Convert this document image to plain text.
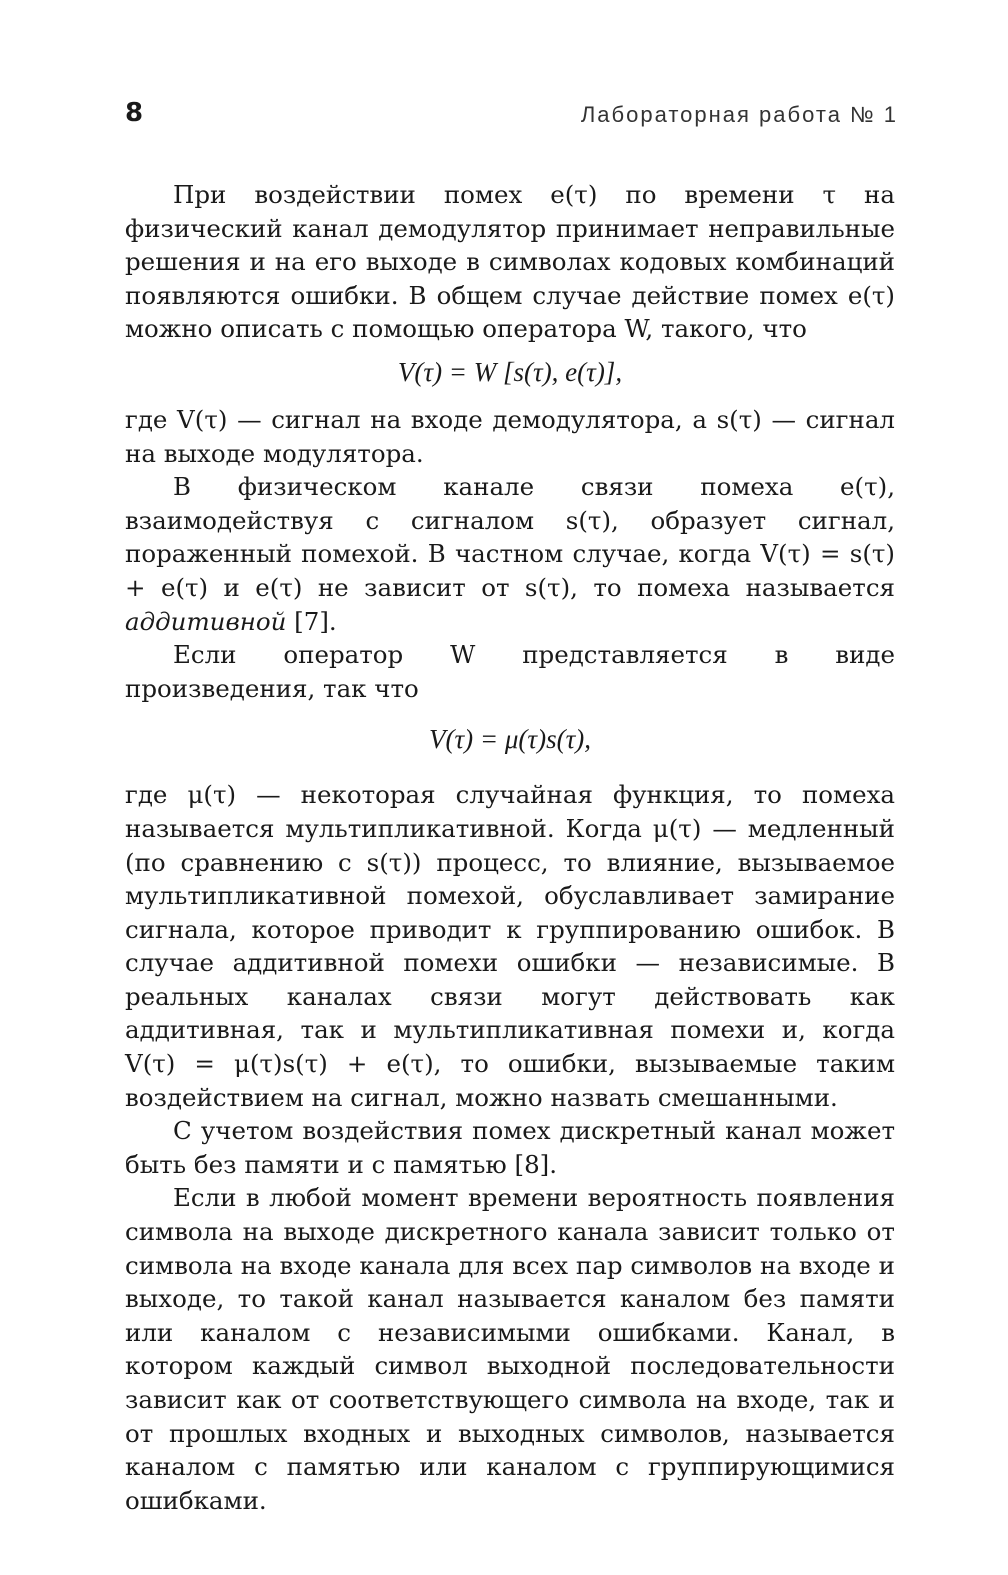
8	Лабораторная работа № 1

При воздействии помех e(τ) по времени τ на физический канал демодулятор принимает неправильные решения и на его выходе в символах кодовых комбинаций появляются ошибки. В общем случае действие помех e(τ) можно описать с помощью оператора W, такого, что

V(τ) = W [s(τ), e(τ)],

где V(τ) — сигнал на входе демодулятора, а s(τ) — сигнал на выходе модулятора.

В физическом канале связи помеха e(τ), взаимодействуя с сигналом s(τ), образует сигнал, пораженный помехой. В частном случае, когда V(τ) = s(τ) + e(τ) и e(τ) не зависит от s(τ), то помеха называется аддитивной [7].

Если оператор W представляется в виде произведения, так что

V(τ) = μ(τ)s(τ),

где μ(τ) — некоторая случайная функция, то помеха называется мультипликативной. Когда μ(τ) — медленный (по сравнению с s(τ)) процесс, то влияние, вызываемое мультипликативной помехой, обуславливает замирание сигнала, которое приводит к группированию ошибок. В случае аддитивной помехи ошибки — независимые. В реальных каналах связи могут действовать как аддитивная, так и мультипликативная помехи и, когда V(τ) = μ(τ)s(τ) + e(τ), то ошибки, вызываемые таким воздействием на сигнал, можно назвать смешанными.

С учетом воздействия помех дискретный канал может быть без памяти и с памятью [8].

Если в любой момент времени вероятность появления символа на выходе дискретного канала зависит только от символа на входе канала для всех пар символов на входе и выходе, то такой канал называется каналом без памяти или каналом с независимыми ошибками. Канал, в котором каждый символ выходной последовательности зависит как от соответствующего символа на входе, так и от прошлых входных и выходных символов, называется каналом с памятью или каналом с группирующимися ошибками.
